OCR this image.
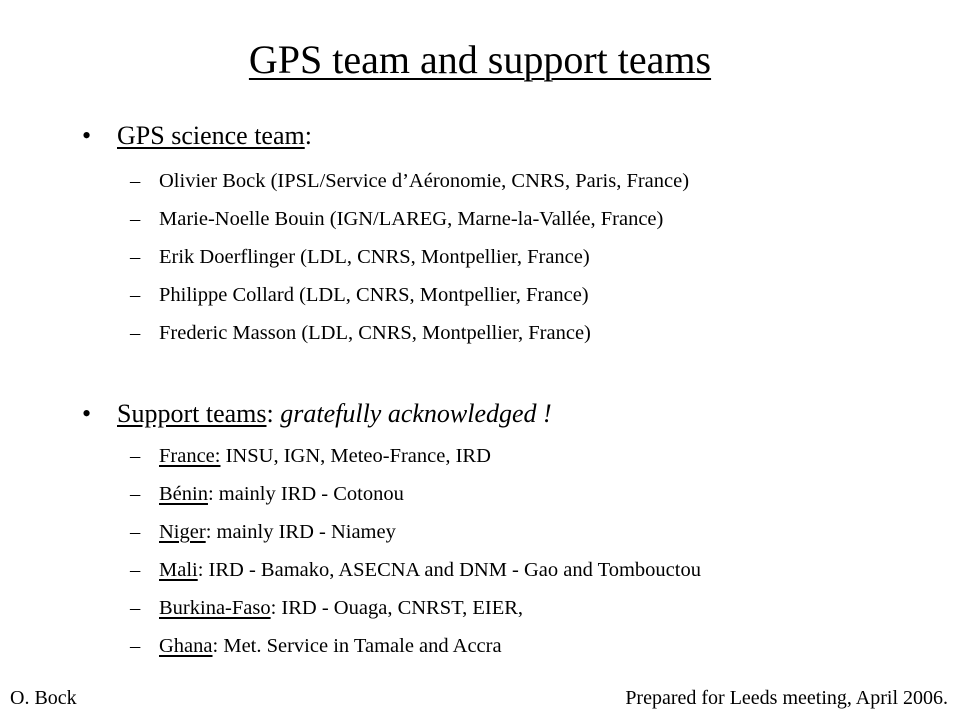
GPS team and support teams
• GPS science team:
– Olivier Bock (IPSL/Service d’Aéronomie, CNRS, Paris, France)
– Marie-Noelle Bouin (IGN/LAREG, Marne-la-Vallée, France)
– Erik Doerflinger (LDL, CNRS, Montpellier, France)
– Philippe Collard (LDL, CNRS, Montpellier, France)
– Frederic Masson (LDL, CNRS, Montpellier, France)
• Support teams: gratefully acknowledged !
– France: INSU, IGN, Meteo-France, IRD
– Bénin: mainly IRD - Cotonou
– Niger: mainly IRD - Niamey
– Mali: IRD - Bamako, ASECNA and DNM - Gao and Tombouctou
– Burkina-Faso: IRD - Ouaga, CNRST, EIER,
– Ghana: Met. Service in Tamale and Accra
O. Bock	Prepared for Leeds meeting, April 2006.
